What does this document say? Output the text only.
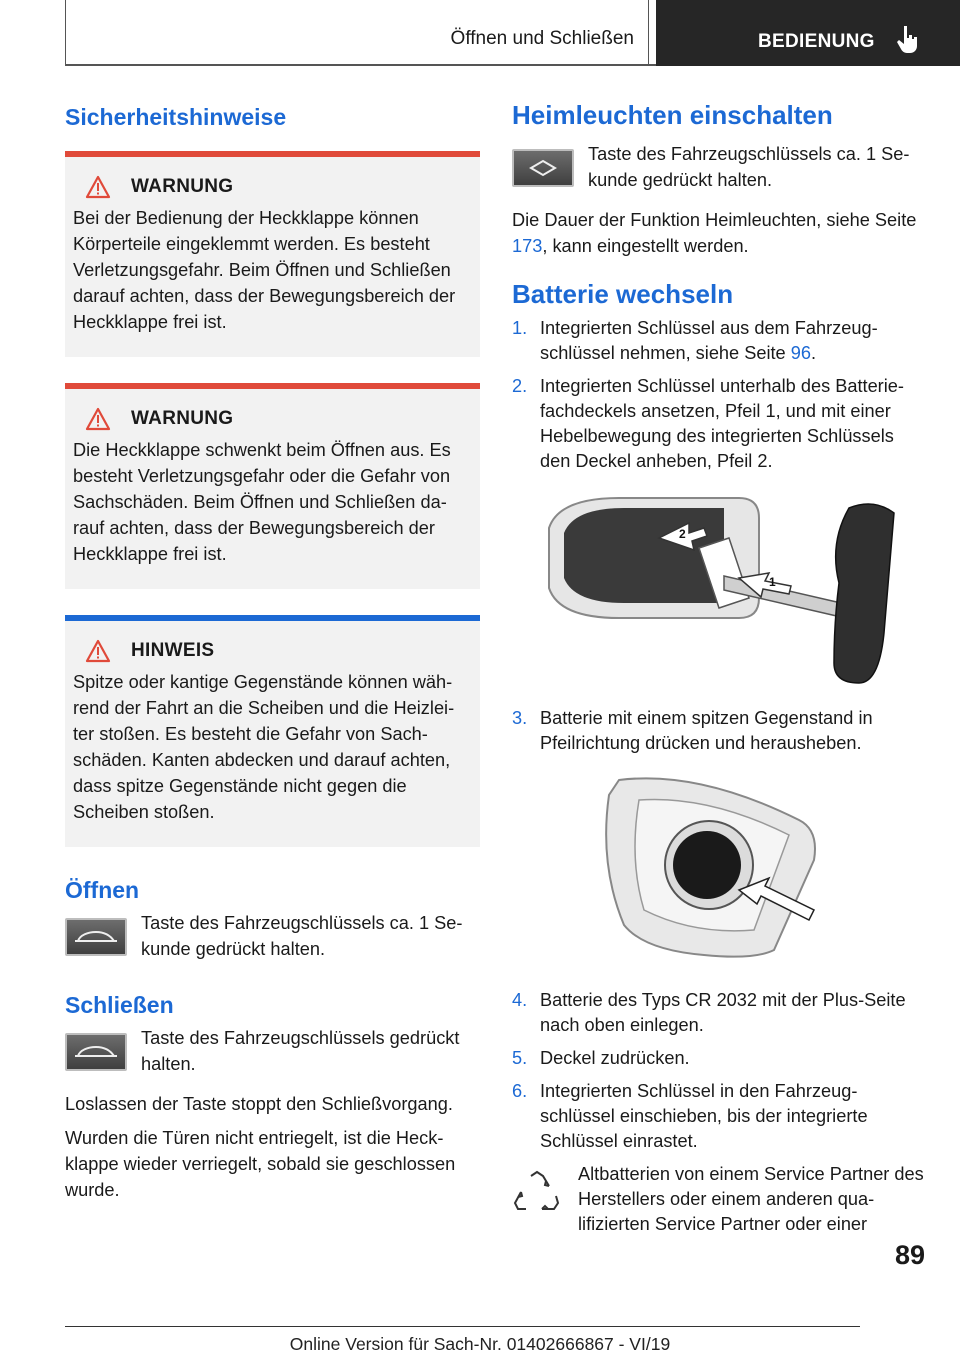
Öffnen und Schließen	BEDIENUNG
Sicherheitshinweise
WARNUNG

Bei der Bedienung der Heckklappe können Körperteile eingeklemmt werden. Es besteht Verletzungsgefahr. Beim Öffnen und Schließen darauf achten, dass der Bewegungsbereich der Heckklappe frei ist.

WARNUNG

Die Heckklappe schwenkt beim Öffnen aus. Es besteht Verletzungsgefahr oder die Gefahr von Sachschäden. Beim Öffnen und Schließen da-rauf achten, dass der Bewegungsbereich der Heckklappe frei ist.

HINWEIS

Spitze oder kantige Gegenstände können wäh-rend der Fahrt an die Scheiben und die Heizlei-ter stoßen. Es besteht die Gefahr von Sach-schäden. Kanten abdecken und darauf achten, dass spitze Gegenstände nicht gegen die Scheiben stoßen.

Öffnen
Taste des Fahrzeugschlüssels ca. 1 Se-kunde gedrückt halten.
Schließen
Taste des Fahrzeugschlüssels gedrückt halten.

Loslassen der Taste stoppt den Schließvorgang.

Wurden die Türen nicht entriegelt, ist die Heck-klappe wieder verriegelt, sobald sie geschlossen wurde.

Heimleuchten einschalten
Taste des Fahrzeugschlüssels ca. 1 Se-kunde gedrückt halten.

Die Dauer der Funktion Heimleuchten, siehe Seite 173, kann eingestellt werden.

Batterie wechseln
1. Integrierten Schlüssel aus dem Fahrzeug-schlüssel nehmen, siehe Seite 96.
2. Integrierten Schlüssel unterhalb des Batterie-fachdeckels ansetzen, Pfeil 1, und mit einer Hebelbewegung des integrierten Schlüssels den Deckel anheben, Pfeil 2.
2
1
3. Batterie mit einem spitzen Gegenstand in Pfeilrichtung drücken und herausheben.
4. Batterie des Typs CR 2032 mit der Plus-Seite nach oben einlegen.
5. Deckel zudrücken.
6. Integrierten Schlüssel in den Fahrzeug-schlüssel einschieben, bis der integrierte Schlüssel einrastet.
Altbatterien von einem Service Partner des Herstellers oder einem anderen qua-lifizierten Service Partner oder einer
89
Online Version für Sach-Nr. 01402666867 - VI/19
